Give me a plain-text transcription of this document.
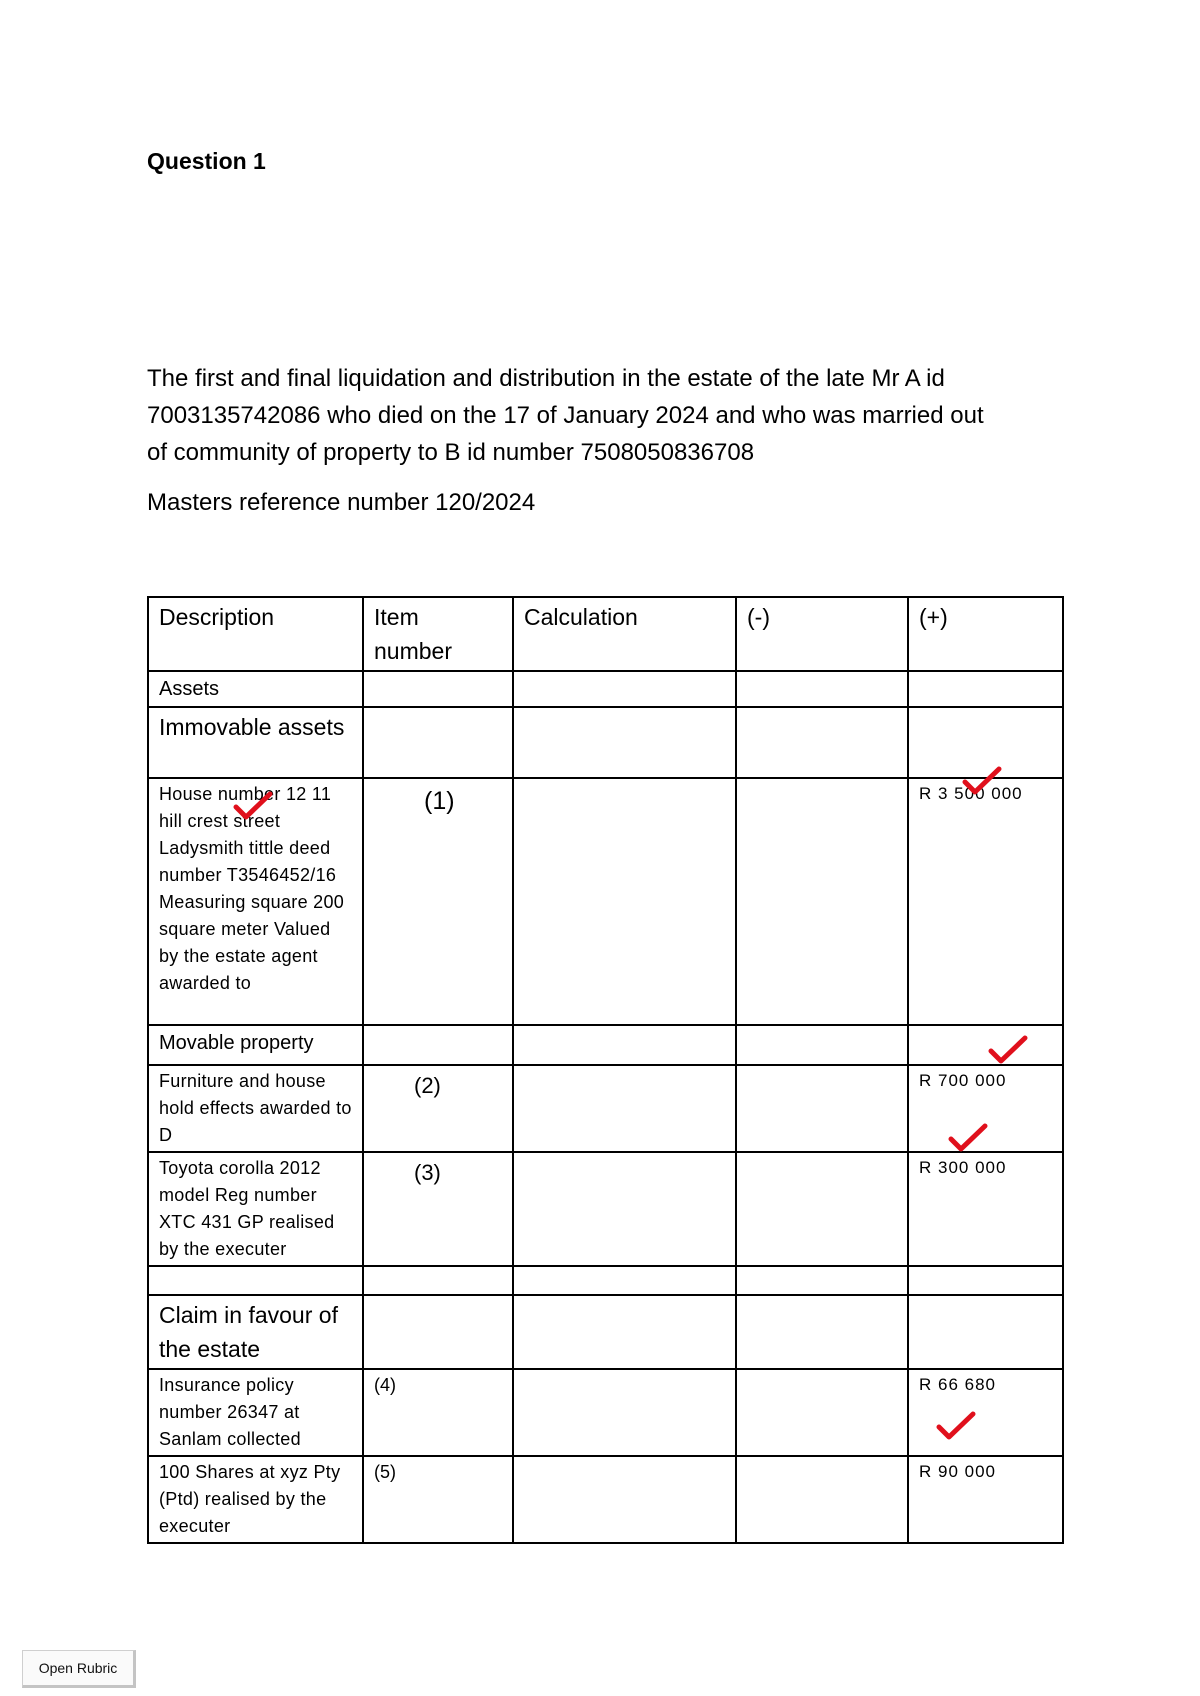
Question 1

The first and final liquidation and distribution in the estate of the late Mr A id
7003135742086 who died on the 17 of January 2024 and who was married out
of community of property to B id number 7508050836708

Masters reference number 120/2024

Description	Item number	Calculation	(-)	(+)
Assets				
Immovable assets				
House number 12 11 hill crest street Ladysmith tittle deed number T3546452/16 Measuring square 200 square meter Valued by the estate agent awarded to	(1)			R 3 500 000
Movable property				
Furniture and house hold effects awarded to D	(2)			R 700 000
Toyota corolla 2012 model Reg number XTC 431 GP realised by the executer	(3)			R 300 000

Claim in favour of the estate				
Insurance policy number 26347 at Sanlam collected	(4)			R 66 680
100 Shares at xyz Pty (Ptd) realised by the executer	(5)			R 90 000
Open Rubric
